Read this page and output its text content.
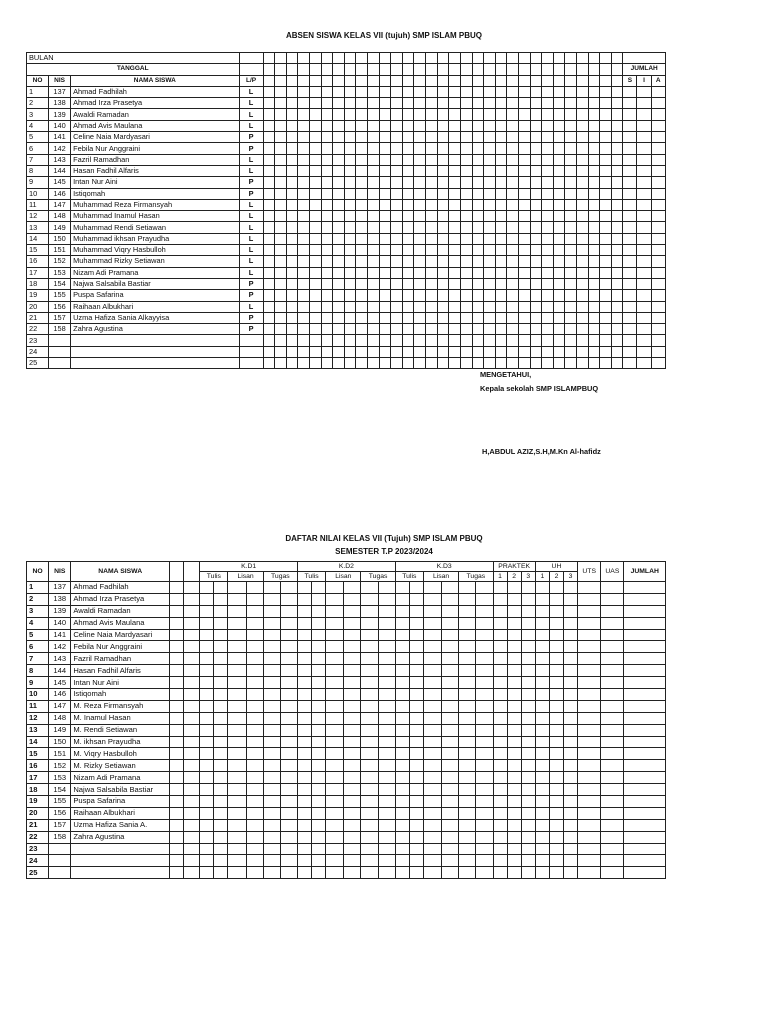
ABSEN SISWA KELAS VII (tujuh) SMP ISLAM PBUQ

BULAN																																					
TANGGAL																																			JUMLAH		
NO	NIS	NAMA SISWA	L/P																																S	I	A
1	137	Ahmad Fadhilah	L																																		
2	138	Ahmad Irza Prasetya	L																																		
3	139	Awaldi Ramadan	L																																		
4	140	Ahmad Avis Maulana	L																																		
5	141	Celine Naia Mardyasari	P																																		
6	142	Febila Nur Anggraini	P																																		
7	143	Fazril Ramadhan	L																																		
8	144	Hasan Fadhil Alfaris	L																																		
9	145	Intan Nur Aini	P																																		
10	146	Istiqomah	P																																		
11	147	Muhammad Reza Firmansyah	L																																		
12	148	Muhammad Inamul Hasan	L																																		
13	149	Muhammad Rendi Setiawan	L																																		
14	150	Muhammad ikhsan Prayudha	L																																		
15	151	Muhammad Viqry Hasbulloh	L																																		
16	152	Muhammad Rizky Setiawan	L																																		
17	153	Nizam Adi Pramana	L																																		
18	154	Najwa Salsabila Bastiar	P																																		
19	155	Puspa Safarina	P																																		
20	156	Raihaan Albukhari	L																																		
21	157	Uzma Hafiza Sania Alkayyisa	P																																		
22	158	Zahra Agustina	P																																		
23																																					
24																																					
25																																					

MENGETAHUI,

Kepala sekolah SMP ISLAMPBUQ

H,ABDUL AZIZ,S.H,M.Kn Al-hafidz

DAFTAR NILAI KELAS VII (Tujuh) SMP ISLAM PBUQ

SEMESTER T.P 2023/2024

NO	NIS	NAMA SISWA			K.D1						K.D2						K.D3						PRAKTEK			UH			UTS	UAS	JUMLAH
					Tulis		Lisan		Tugas		Tulis		Lisan		Tugas		Tulis		Lisan		Tugas		1	2	3	1	2	3			
1	137	Ahmad Fadhilah																													
2	138	Ahmad Irza Prasetya																													
3	139	Awaldi Ramadan																													
4	140	Ahmad Avis Maulana																													
5	141	Celine Naia Mardyasari																													
6	142	Febila Nur Anggraini																													
7	143	Fazril Ramadhan																													
8	144	Hasan Fadhil Alfaris																													
9	145	Intan Nur Aini																													
10	146	Istiqomah																													
11	147	M. Reza Firmansyah																													
12	148	M. Inamul Hasan																													
13	149	M. Rendi Setiawan																													
14	150	M. ikhsan Prayudha																													
15	151	M. Viqry Hasbulloh																													
16	152	M. Rizky Setiawan																													
17	153	Nizam Adi Pramana																													
18	154	Najwa Salsabila Bastiar																													
19	155	Puspa Safarina																													
20	156	Raihaan Albukhari																													
21	157	Uzma Hafiza Sania A.																													
22	158	Zahra Agustina																													
23																															
24																															
25																															
